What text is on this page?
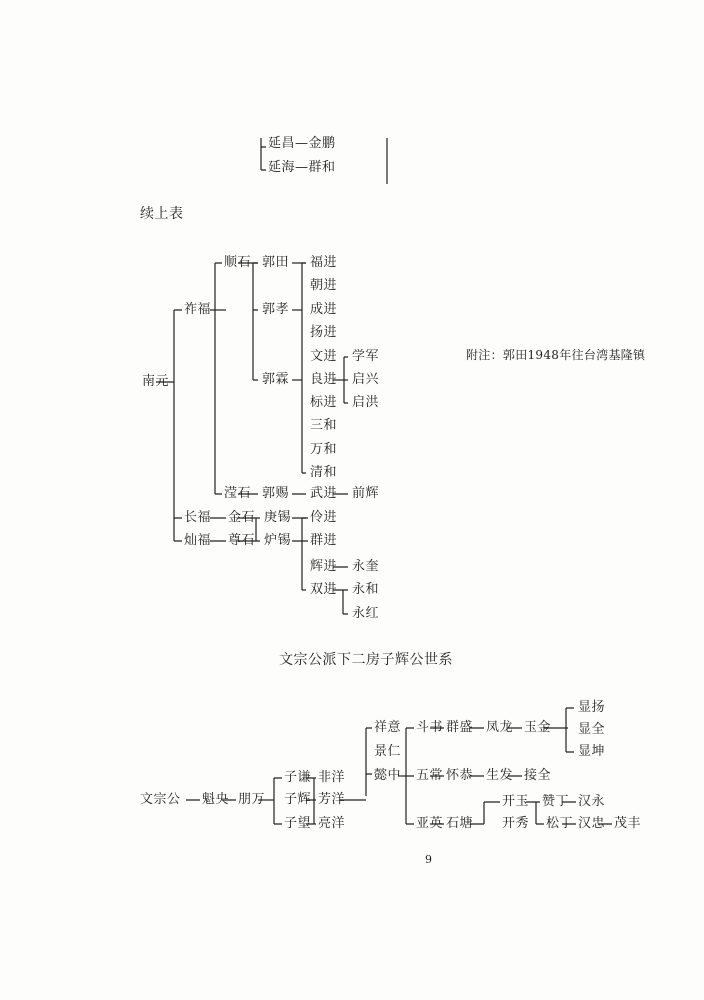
延昌—金鹏
延海—群和
续上表
附注：郭田1948年往台湾基隆镇
南元
祚福
顺石 郭田
郭孝
郭霖
福进
朝进
成进
扬进
文进
良进
标进
三和
万和
清和
学军
启兴
启洪
滢石 郭赐 武进 前辉
长福 金石 庚锡
灿福 尊石 炉锡
伶进
群进
辉进
双进
永奎
永和
永红
文宗公派下二房子辉公世系
文宗公 魁央 朋万
子谦
子辉
子望
非洋
芳洋
亮洋
祥意
景仁
懿中
斗书 群盛 凤龙 玉金
显扬
显全
显坤
五常 怀恭 生发 接全
亚英 石塘
开玉
开秀
赞丁 汉永
松丁 汉忠 茂丰
9
